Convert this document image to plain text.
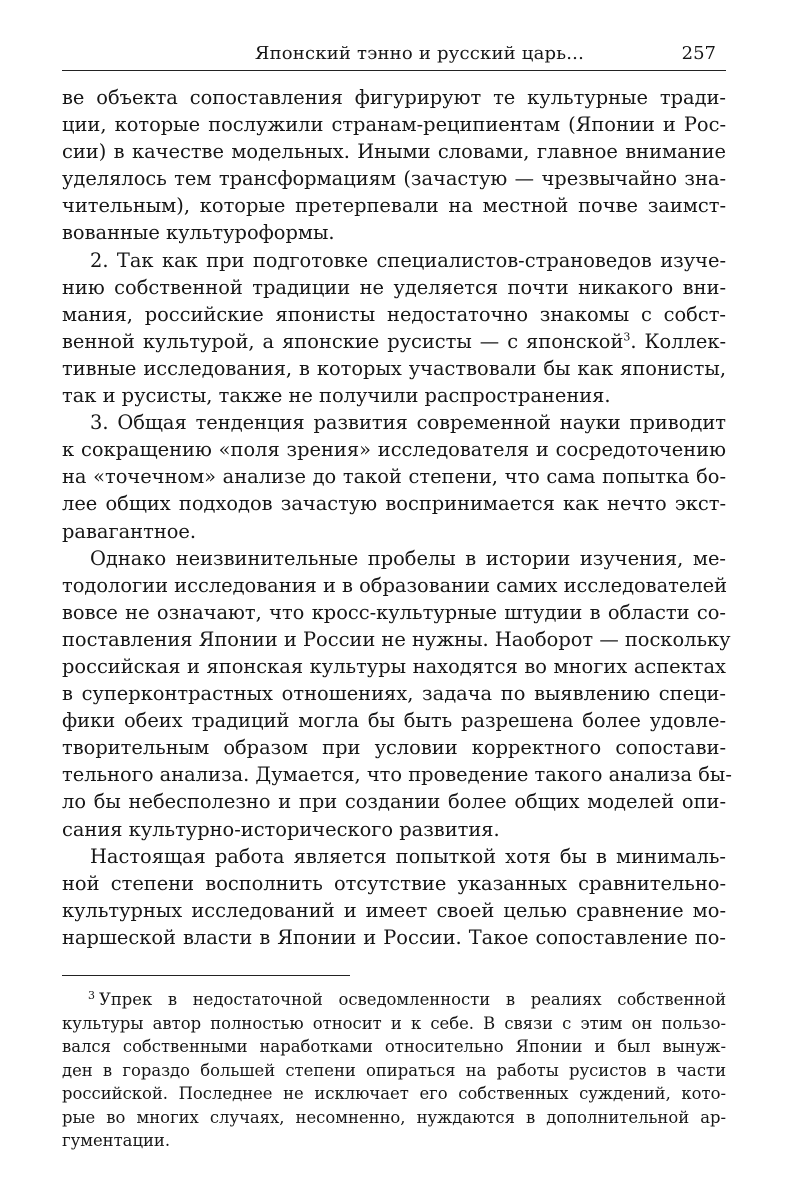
Японский тэнно и русский царь...	257
ве объекта сопоставления фигурируют те культурные тради-
ции, которые послужили странам-реципиентам (Японии и Рос-
сии) в качестве модельных. Иными словами, главное внимание
уделялось тем трансформациям (зачастую — чрезвычайно зна-
чительным), которые претерпевали на местной почве заимст-
вованные культуроформы.
2. Так как при подготовке специалистов-страноведов изуче-
нию собственной традиции не уделяется почти никакого вни-
мания, российские японисты недостаточно знакомы с собст-
венной культурой, а японские русисты — с японской$^3$. Коллек-
тивные исследования, в которых участвовали бы как японисты,
так и русисты, также не получили распространения.
3. Общая тенденция развития современной науки приводит
к сокращению «поля зрения» исследователя и сосредоточению
на «точечном» анализе до такой степени, что сама попытка бо-
лее общих подходов зачастую воспринимается как нечто экст-
равагантное.
Однако неизвинительные пробелы в истории изучения, ме-
тодологии исследования и в образовании самих исследователей
вовсе не означают, что кросс-культурные штудии в области со-
поставления Японии и России не нужны. Наоборот — поскольку
российская и японская культуры находятся во многих аспектах
в суперконтрастных отношениях, задача по выявлению специ-
фики обеих традиций могла бы быть разрешена более удовле-
творительным образом при условии корректного сопостави-
тельного анализа. Думается, что проведение такого анализа бы-
ло бы небесполезно и при создании более общих моделей опи-
сания культурно-исторического развития.
Настоящая работа является попыткой хотя бы в минималь-
ной степени восполнить отсутствие указанных сравнительно-
культурных исследований и имеет своей целью сравнение мо-
наршеской власти в Японии и России. Такое сопоставление по-
$^3$ Упрек в недостаточной осведомленности в реалиях собственной
культуры автор полностью относит и к себе. В связи с этим он пользо-
вался собственными наработками относительно Японии и был вынуж-
ден в гораздо большей степени опираться на работы русистов в части
российской. Последнее не исключает его собственных суждений, кото-
рые во многих случаях, несомненно, нуждаются в дополнительной ар-
гументации.
